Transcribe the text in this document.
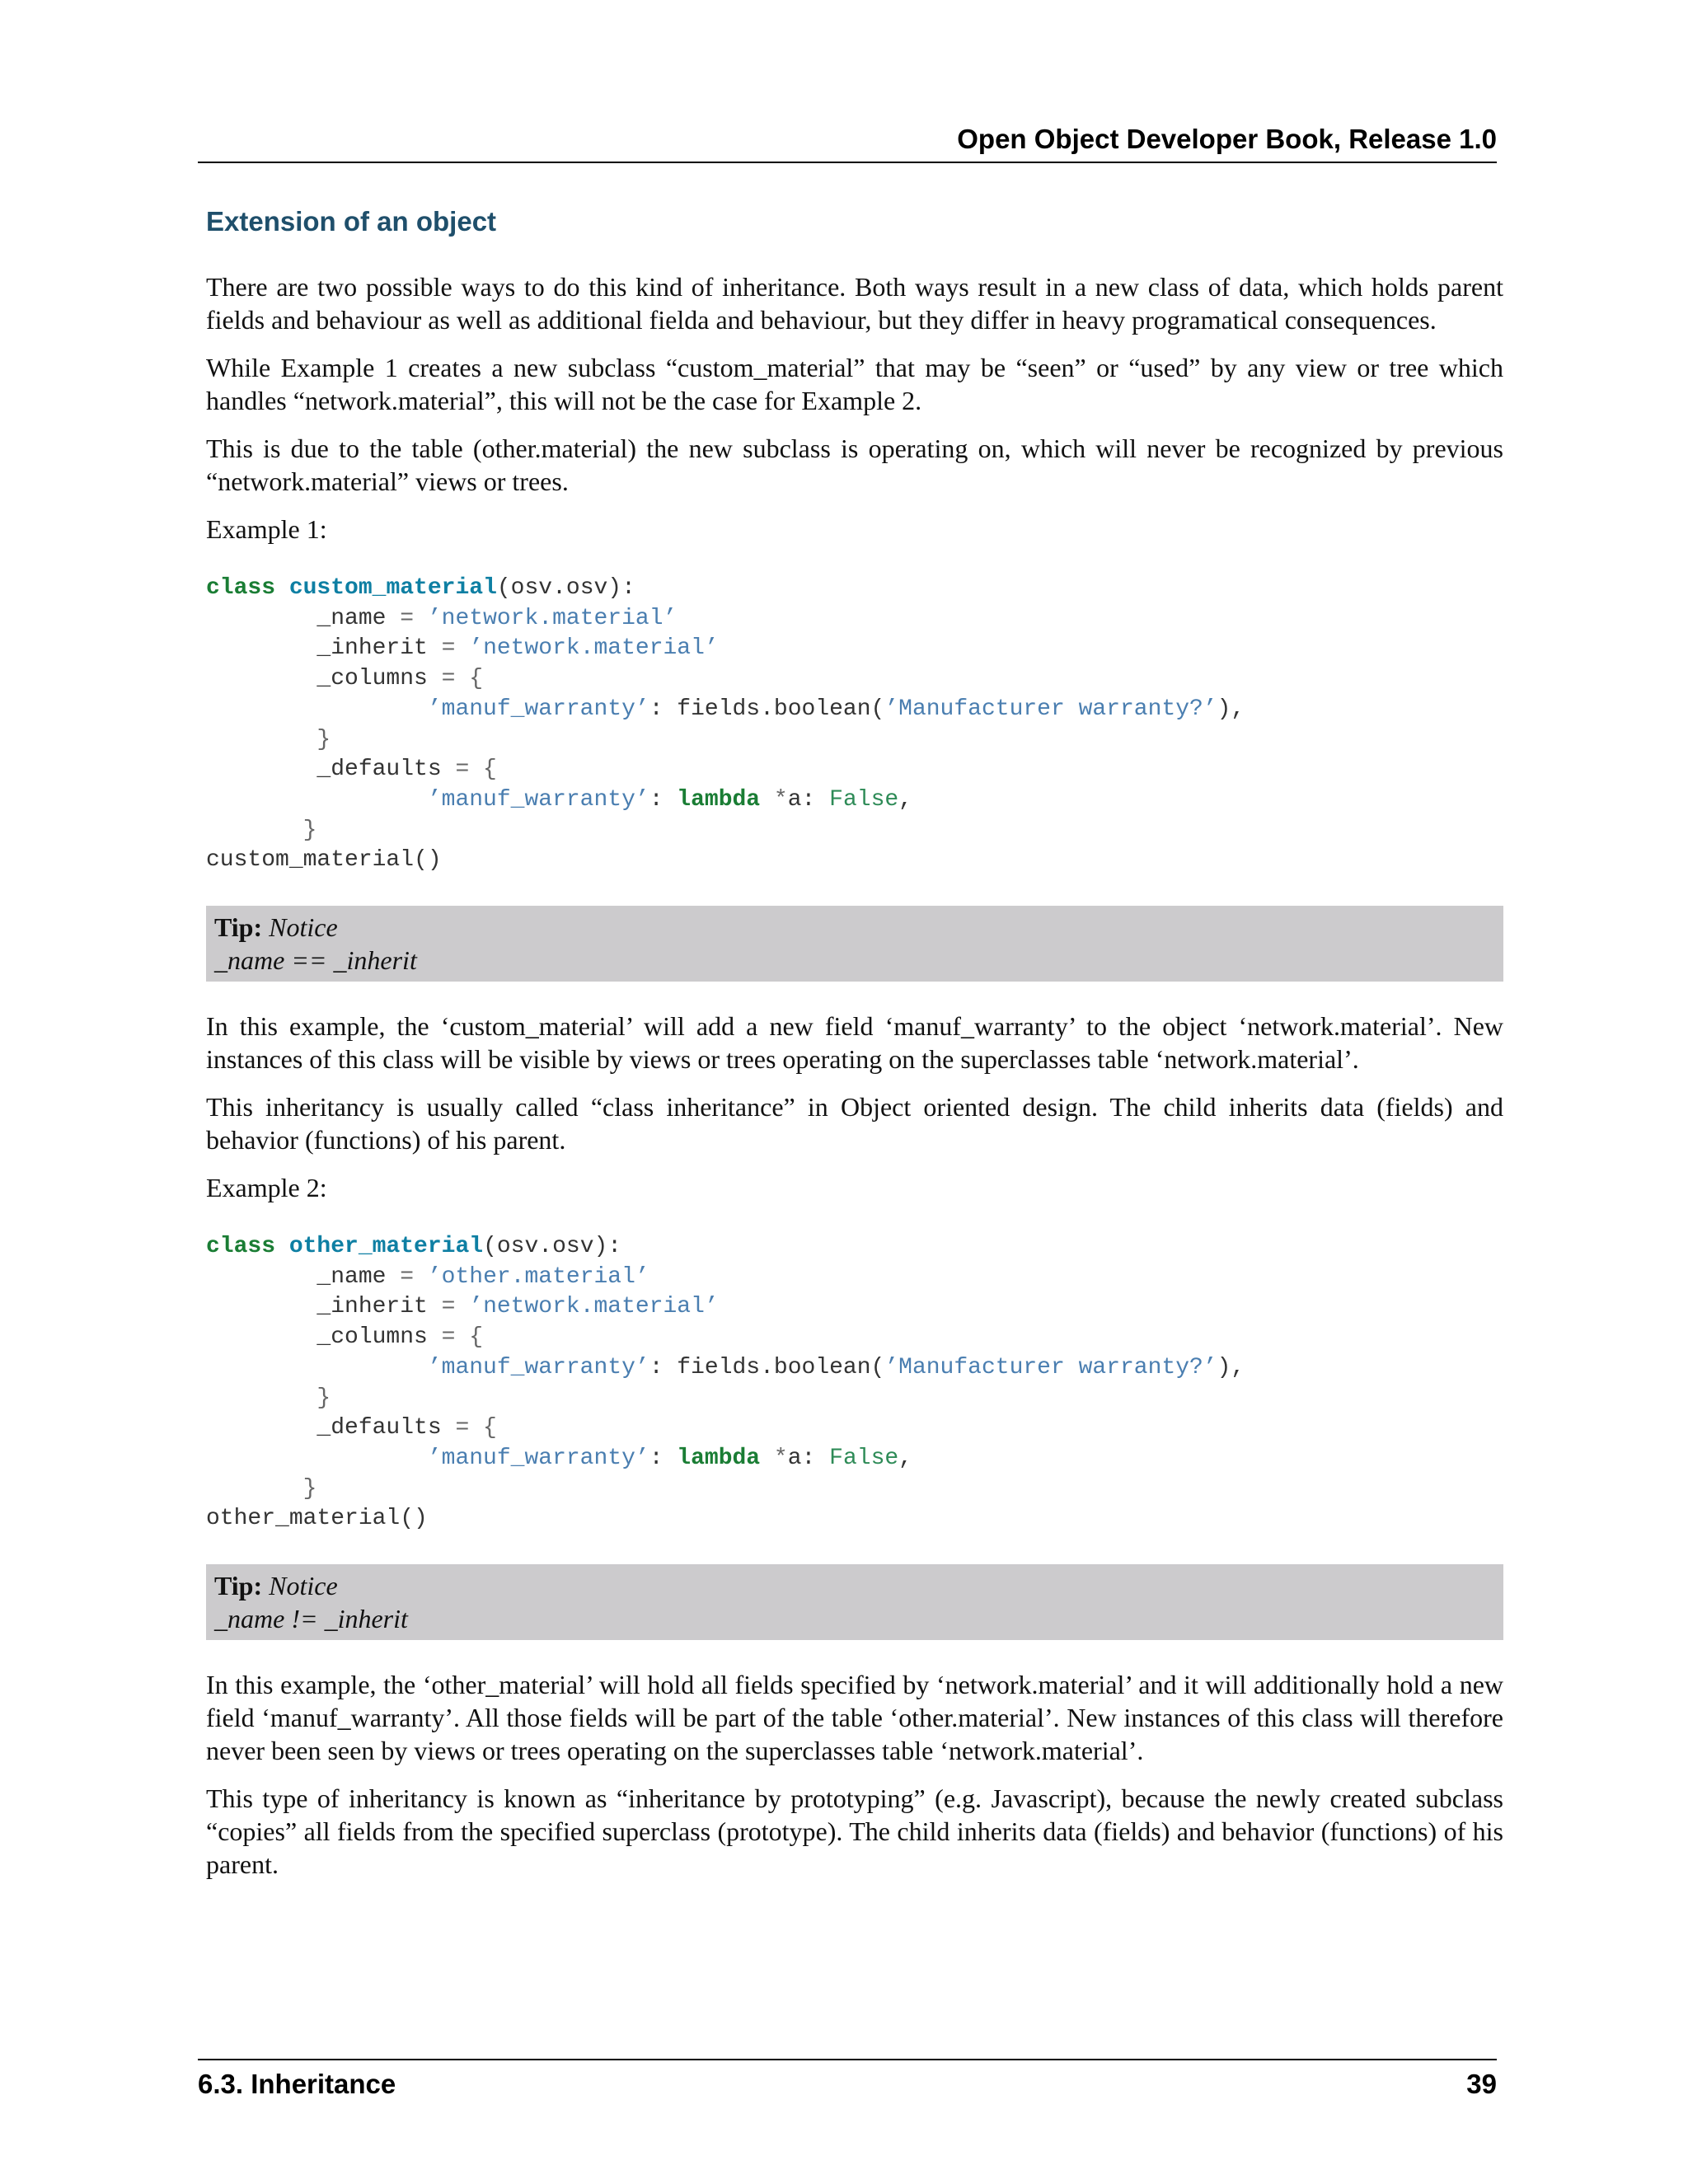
Open Object Developer Book, Release 1.0
Extension of an object

There are two possible ways to do this kind of inheritance. Both ways result in a new class of data, which holds parent fields and behaviour as well as additional fielda and behaviour, but they differ in heavy programatical consequences.

While Example 1 creates a new subclass “custom_material” that may be “seen” or “used” by any view or tree which handles “network.material”, this will not be the case for Example 2.

This is due to the table (other.material) the new subclass is operating on, which will never be recognized by previous “network.material” views or trees.

Example 1:

class custom_material(osv.osv):
_name = ’network.material’
_inherit = ’network.material’
_columns = {
’manuf_warranty’: fields.boolean(’Manufacturer warranty?’),
}
_defaults = {
’manuf_warranty’: lambda *a: False,
}
custom_material()
Tip: Notice
_name == _inherit

In this example, the ‘custom_material’ will add a new field ‘manuf_warranty’ to the object ‘network.material’. New instances of this class will be visible by views or trees operating on the superclasses table ‘network.material’.

This inheritancy is usually called “class inheritance” in Object oriented design. The child inherits data (fields) and behavior (functions) of his parent.

Example 2:

class other_material(osv.osv):
_name = ’other.material’
_inherit = ’network.material’
_columns = {
’manuf_warranty’: fields.boolean(’Manufacturer warranty?’),
}
_defaults = {
’manuf_warranty’: lambda *a: False,
}
other_material()
Tip: Notice
_name != _inherit

In this example, the ‘other_material’ will hold all fields specified by ‘network.material’ and it will additionally hold a new field ‘manuf_warranty’. All those fields will be part of the table ‘other.material’. New instances of this class will therefore never been seen by views or trees operating on the superclasses table ‘network.material’.

This type of inheritancy is known as “inheritance by prototyping” (e.g. Javascript), because the newly created subclass “copies” all fields from the specified superclass (prototype). The child inherits data (fields) and behavior (functions) of his parent.

6.3. Inheritance	39
